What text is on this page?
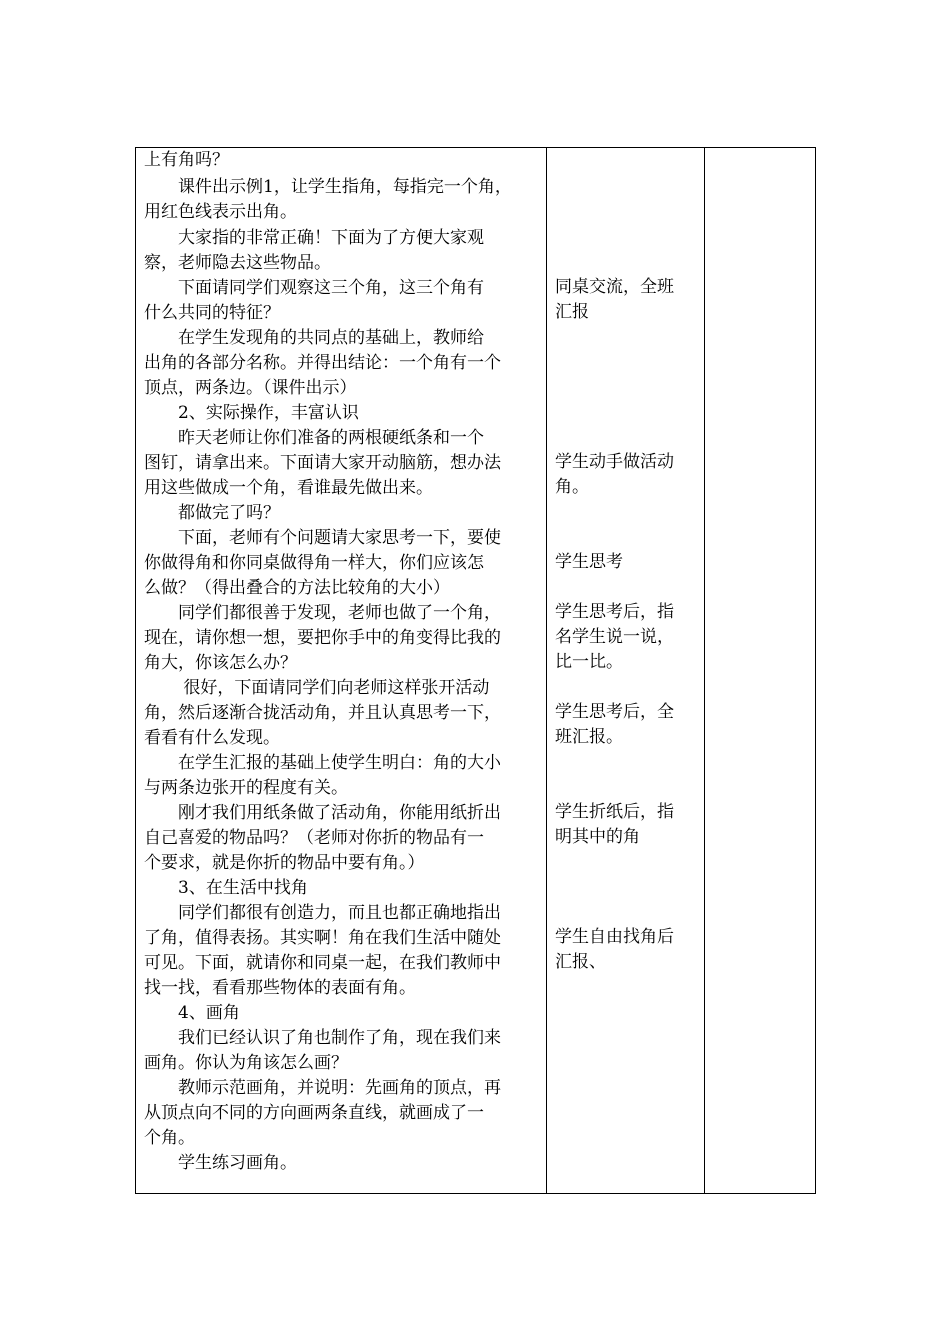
上有角吗？
　　课件出示例1，让学生指角，每指完一个角，
用红色线表示出角。
　　大家指的非常正确！下面为了方便大家观
察，老师隐去这些物品。
　　下面请同学们观察这三个角，这三个角有
什么共同的特征？
　　在学生发现角的共同点的基础上，教师给
出角的各部分名称。并得出结论：一个角有一个
顶点，两条边。（课件出示）
　　2、实际操作，丰富认识
　　昨天老师让你们准备的两根硬纸条和一个
图钉，请拿出来。下面请大家开动脑筋，想办法
用这些做成一个角，看谁最先做出来。
　　都做完了吗？
　　下面，老师有个问题请大家思考一下，要使
你做得角和你同桌做得角一样大，你们应该怎
么做？（得出叠合的方法比较角的大小）
　　同学们都很善于发现，老师也做了一个角，
现在，请你想一想，要把你手中的角变得比我的
角大，你该怎么办？
　　 很好，下面请同学们向老师这样张开活动
角，然后逐渐合拢活动角，并且认真思考一下，
看看有什么发现。
　　在学生汇报的基础上使学生明白：角的大小
与两条边张开的程度有关。
　　刚才我们用纸条做了活动角，你能用纸折出
自己喜爱的物品吗？（老师对你折的物品有一
个要求，就是你折的物品中要有角。）
　　3、在生活中找角
　　同学们都很有创造力，而且也都正确地指出
了角，值得表扬。其实啊！角在我们生活中随处
可见。下面，就请你和同桌一起，在我们教师中
找一找，看看那些物体的表面有角。
　　4、画角
　　我们已经认识了角也制作了角，现在我们来
画角。你认为角该怎么画？
　　教师示范画角，并说明：先画角的顶点，再
从顶点向不同的方向画两条直线，就画成了一
个角。
　　学生练习画角。
同桌交流，全班
汇报
学生动手做活动
角。
学生思考
学生思考后，指
名学生说一说，
比一比。
学生思考后，全
班汇报。
学生折纸后，指
明其中的角
学生自由找角后
汇报、
